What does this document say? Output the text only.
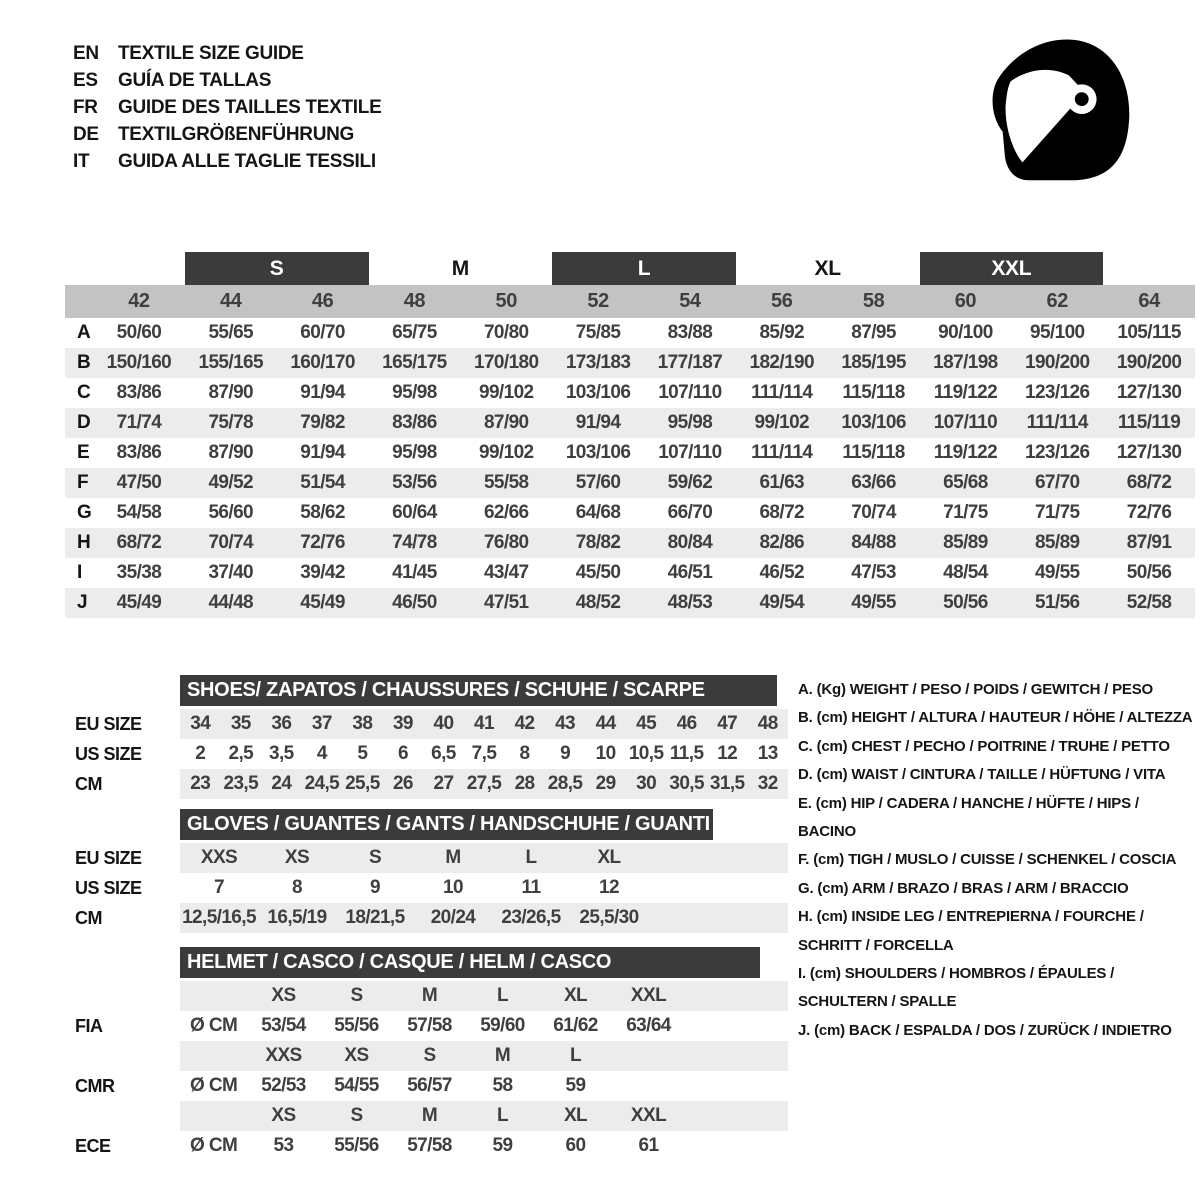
EN	TEXTILE SIZE GUIDE
ES	GUÍA DE TALLAS
FR	GUIDE DES TAILLES TEXTILE
DE	TEXTILGRÖßENFÜHRUNG
IT	GUIDA ALLE TAGLIE TESSILI
S	M	L	XL	XXL
42	44	46	48	50	52	54	56	58	60	62	64
A	50/60	55/65	60/70	65/75	70/80	75/85	83/88	85/92	87/95	90/100	95/100	105/115
B 150/160	155/165	160/170	165/175	170/180	173/183	177/187	182/190	185/195	187/198	190/200	190/200
C	83/86	87/90	91/94	95/98	99/102	103/106	107/110	111/114	115/118	119/122	123/126	127/130
D	71/74	75/78	79/82	83/86	87/90	91/94	95/98	99/102	103/106	107/110	111/114	115/119
E	83/86	87/90	91/94	95/98	99/102	103/106	107/110	111/114	115/118	119/122	123/126	127/130
F	47/50	49/52	51/54	53/56	55/58	57/60	59/62	61/63	63/66	65/68	67/70	68/72
G	54/58	56/60	58/62	60/64	62/66	64/68	66/70	68/72	70/74	71/75	71/75	72/76
H	68/72	70/74	72/76	74/78	76/80	78/82	80/84	82/86	84/88	85/89	85/89	87/91
I	35/38	37/40	39/42	41/45	43/47	45/50	46/51	46/52	47/53	48/54	49/55	50/56
J	45/49	44/48	45/49	46/50	47/51	48/52	48/53	49/54	49/55	50/56	51/56	52/58
SHOES/ ZAPATOS / CHAUSSURES / SCHUHE / SCARPE
EU SIZE	34	35	36	37	38	39	40	41	42	43	44	45	46	47	48
US SIZE	2	2,5 3,5	4	5	6	6,5 7,5	8	9	10 10,5 11,5 12	13
CM	23 23,5 24 24,5 25,5 26	27 27,5 28 28,5 29	30 30,5 31,5 32
GLOVES / GUANTES / GANTS / HANDSCHUHE / GUANTI
EU SIZE	XXS	XS	S	M	L	XL
US SIZE	7	8	9	10	11	12
CM	12,5/16,5 16,5/19 18/21,5	20/24	23/26,5 25,5/30
HELMET / CASCO / CASQUE / HELM / CASCO
XS	S	M	L	XL	XXL
FIA	Ø CM	53/54	55/56	57/58	59/60	61/62	63/64
XXS	XS	S	M	L
CMR	Ø CM	52/53	54/55	56/57	58	59
XS	S	M	L	XL	XXL
ECE	Ø CM	53	55/56	57/58	59	60	61
A. (Kg) WEIGHT / PESO / POIDS / GEWITCH / PESO
B. (cm) HEIGHT / ALTURA / HAUTEUR / HÖHE / ALTEZZA
C. (cm) CHEST / PECHO / POITRINE / TRUHE / PETTO
D. (cm) WAIST / CINTURA / TAILLE / HÜFTUNG / VITA
E. (cm) HIP / CADERA / HANCHE / HÜFTE / HIPS / BACINO
F. (cm) TIGH / MUSLO / CUISSE / SCHENKEL / COSCIA
G. (cm) ARM / BRAZO / BRAS / ARM / BRACCIO
H. (cm) INSIDE LEG / ENTREPIERNA / FOURCHE / SCHRITT / FORCELLA
I. (cm) SHOULDERS / HOMBROS / ÉPAULES / SCHULTERN / SPALLE
J. (cm) BACK / ESPALDA / DOS / ZURÜCK / INDIETRO
